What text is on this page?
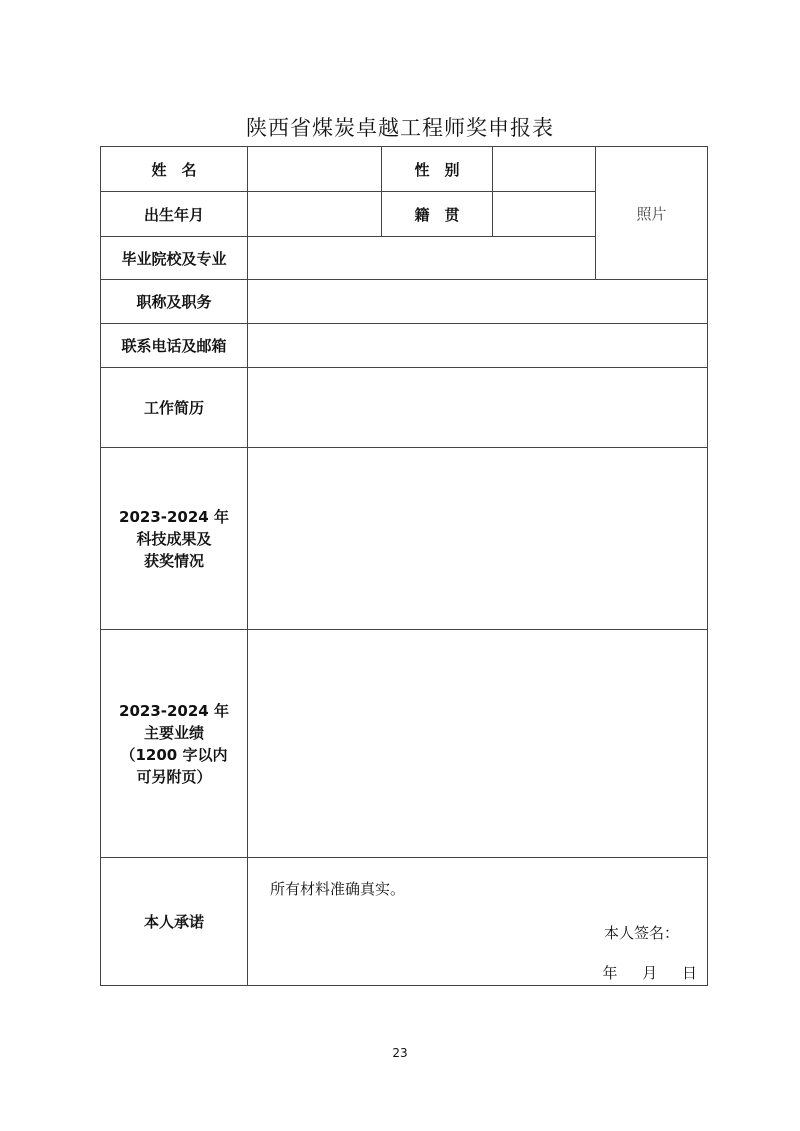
陕西省煤炭卓越工程师奖申报表
姓　名		性　别		照片
出生年月		籍　贯		
毕业院校及专业				
职称及职务				
联系电话及邮箱				
工作简历				

2023-2024 年
科技成果及
获奖情况				

2023-2024 年
主要业绩
（1200 字以内
可另附页）				

本人承诺	所有材料准确真实。
本人签名：
年 月 日			
23
